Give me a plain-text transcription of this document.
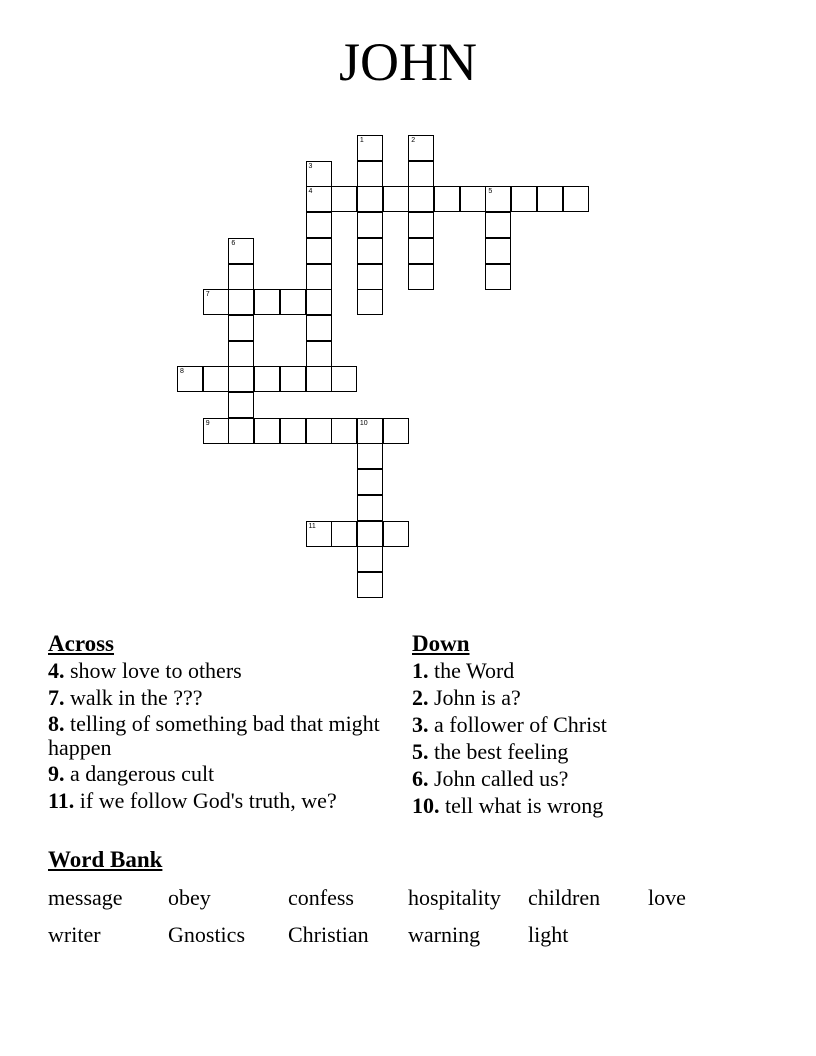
JOHN
1	2
3
4	5
6
7
8
9	10
11
Across
4. show love to others
7. walk in the ???
8. telling of something bad that might happen
9. a dangerous cult
11. if we follow God's truth, we?
Down
1. the Word
2. John is a?
3. a follower of Christ
5. the best feeling
6. John called us?
10. tell what is wrong
Word Bank
message	obey	confess	hospitality	children	love
writer	Gnostics	Christian	warning	light
